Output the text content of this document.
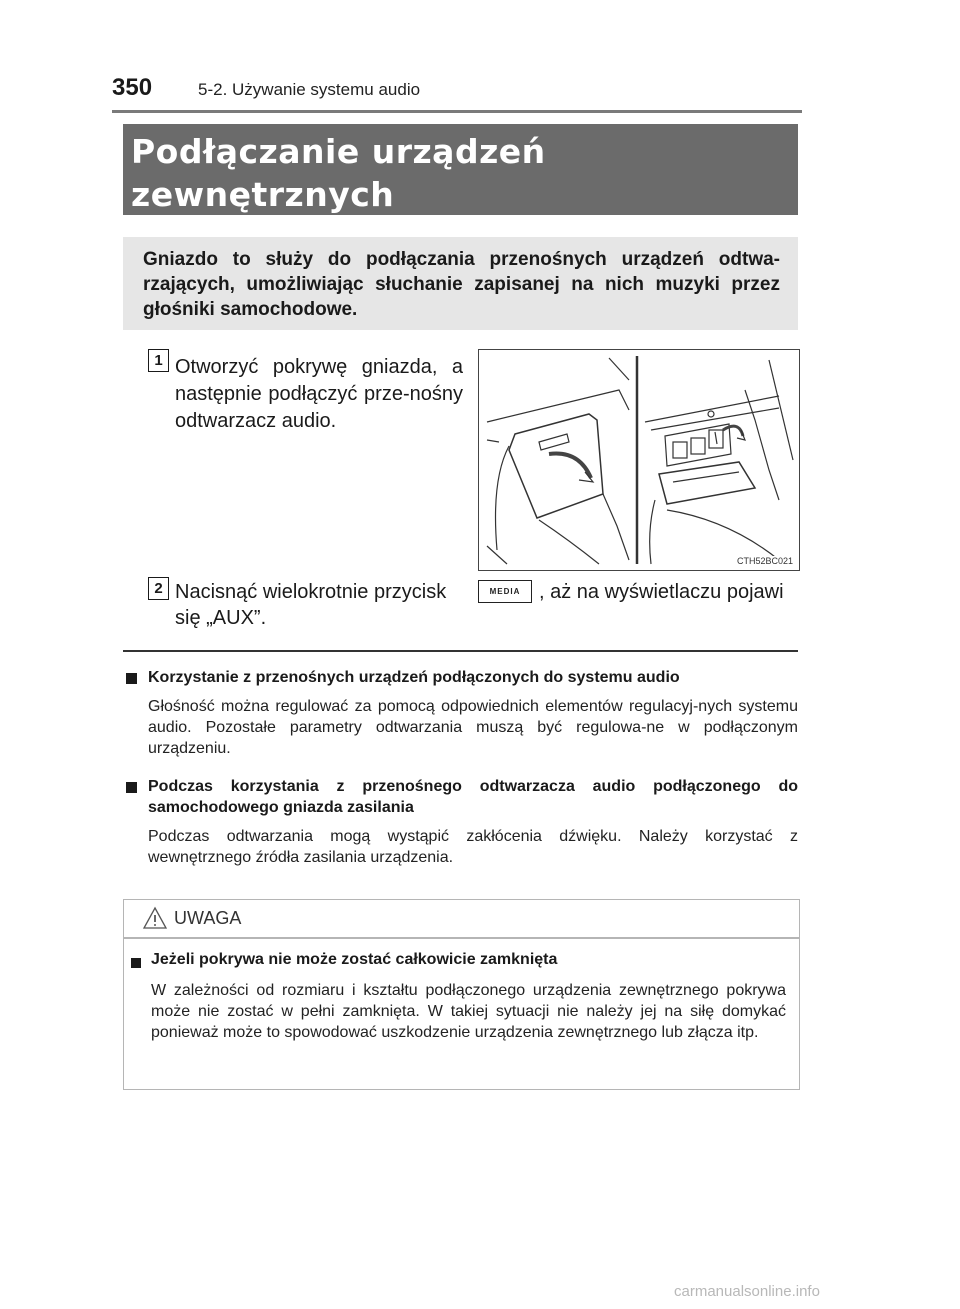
350	5-2. Używanie systemu audio
Podłączanie urządzeń zewnętrznych

Gniazdo to służy do podłączania przenośnych urządzeń odtwa-rzających, umożliwiając słuchanie zapisanej na nich muzyki przez głośniki samochodowe.

1 Otworzyć pokrywę gniazda, a następnie podłączyć prze-nośny odtwarzacz audio.
CTH52BC021
2 Nacisnąć wielokrotnie przycisk	MEDIA , aż na wyświetlaczu pojawi
się „AUX”.
Korzystanie z przenośnych urządzeń podłączonych do systemu audio
Głośność można regulować za pomocą odpowiednich elementów regulacyj-nych systemu audio. Pozostałe parametry odtwarzania muszą być regulowa-ne w podłączonym urządzeniu.
Podczas korzystania z przenośnego odtwarzacza audio podłączonego do samochodowego gniazda zasilania
Podczas odtwarzania mogą wystąpić zakłócenia dźwięku. Należy korzystać z wewnętrznego źródła zasilania urządzenia.
UWAGA
Jeżeli pokrywa nie może zostać całkowicie zamknięta
W zależności od rozmiaru i kształtu podłączonego urządzenia zewnętrznego pokrywa może nie zostać w pełni zamknięta. W takiej sytuacji nie należy jej na siłę domykać ponieważ może to spowodować uszkodzenie urządzenia zewnętrznego lub złącza itp.
carmanualsonline.info
